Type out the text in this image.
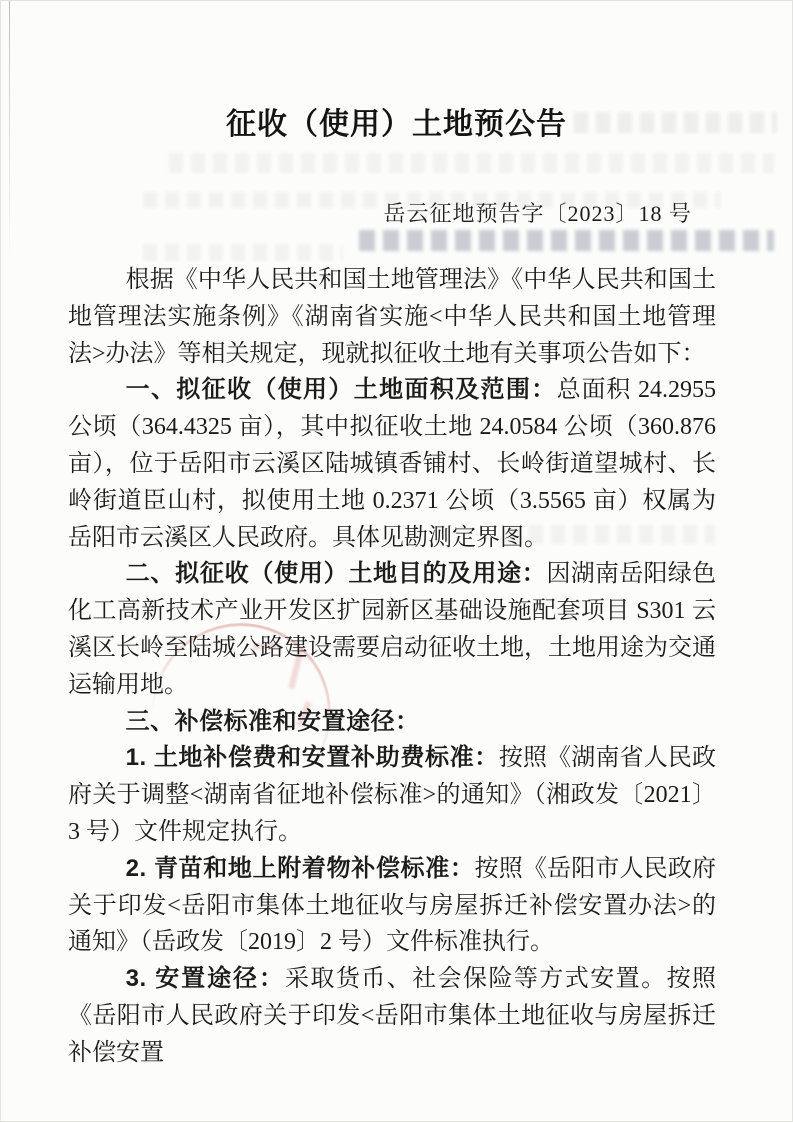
征收（使用）土地预公告
岳云征地预告字〔2023〕18 号

根据《中华人民共和国土地管理法》《中华人民共和国土地管理法实施条例》《湖南省实施<中华人民共和国土地管理法>办法》等相关规定，现就拟征收土地有关事项公告如下：

一、拟征收（使用）土地面积及范围：总面积 24.2955 公顷（364.4325 亩），其中拟征收土地 24.0584 公顷（360.876 亩），位于岳阳市云溪区陆城镇香铺村、长岭街道望城村、长岭街道臣山村，拟使用土地 0.2371 公顷（3.5565 亩）权属为岳阳市云溪区人民政府。具体见勘测定界图。

二、拟征收（使用）土地目的及用途：因湖南岳阳绿色化工高新技术产业开发区扩园新区基础设施配套项目 S301 云溪区长岭至陆城公路建设需要启动征收土地，土地用途为交通运输用地。

三、补偿标准和安置途径：

1. 土地补偿费和安置补助费标准：按照《湖南省人民政府关于调整<湖南省征地补偿标准>的通知》（湘政发〔2021〕3 号）文件规定执行。

2. 青苗和地上附着物补偿标准：按照《岳阳市人民政府关于印发<岳阳市集体土地征收与房屋拆迁补偿安置办法>的通知》（岳政发〔2019〕2 号）文件标准执行。

3. 安置途径：采取货币、社会保险等方式安置。按照《岳阳市人民政府关于印发<岳阳市集体土地征收与房屋拆迁补偿安置
